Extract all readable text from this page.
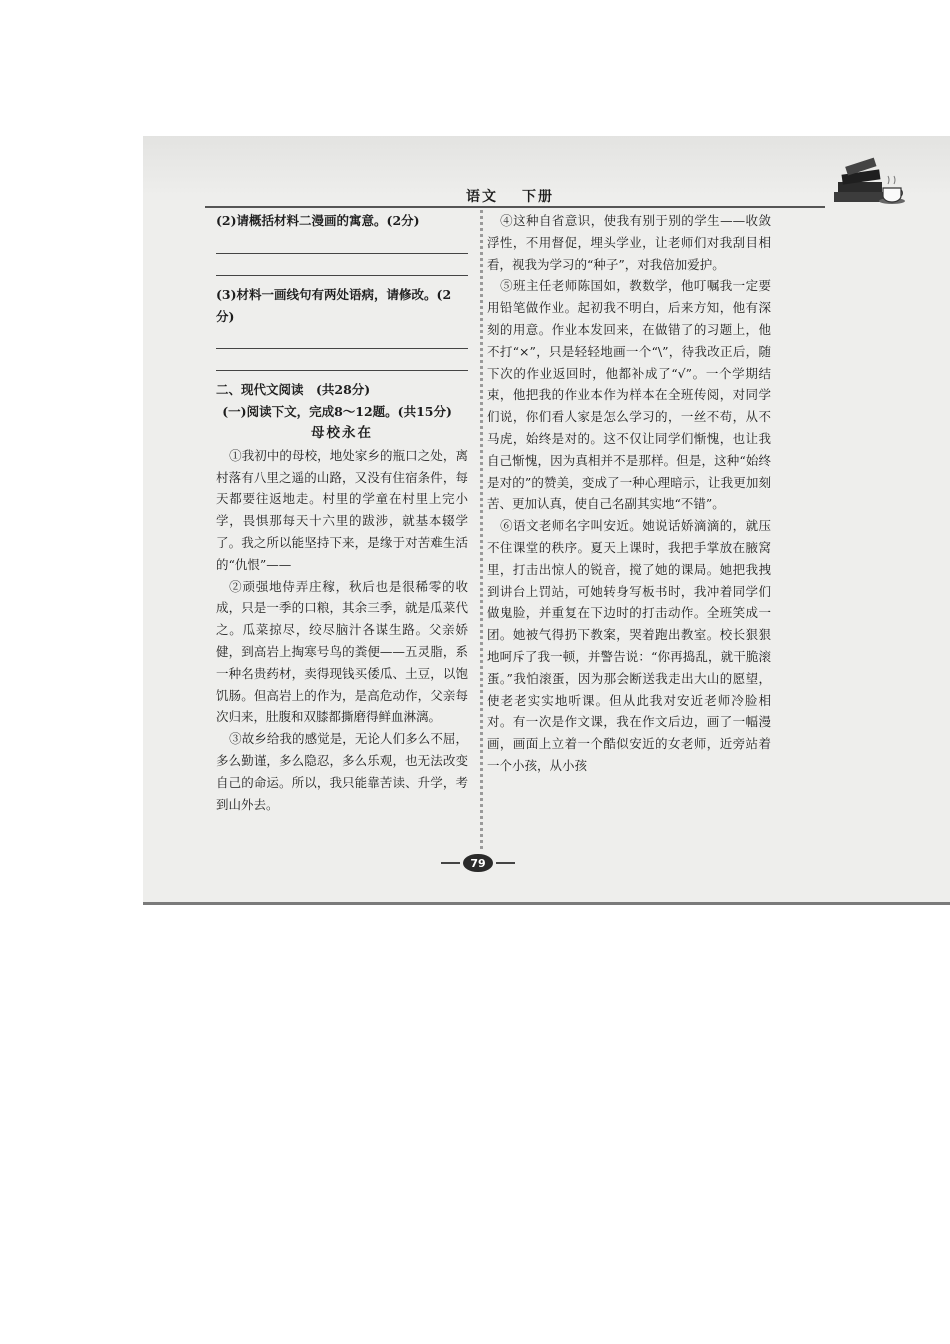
语文 下册
(2)请概括材料二漫画的寓意。(2分)
(3)材料一画线句有两处语病，请修改。(2分)
二、现代文阅读　(共28分)
(一)阅读下文，完成8～12题。(共15分)
母校永在
①我初中的母校，地处家乡的瓶口之处，离村落有八里之遥的山路，又没有住宿条件，每天都要往返地走。村里的学童在村里上完小学，畏惧那每天十六里的跋涉，就基本辍学了。我之所以能坚持下来，是缘于对苦难生活的“仇恨”——
②顽强地侍弄庄稼，秋后也是很稀零的收成，只是一季的口粮，其余三季，就是瓜菜代之。瓜菜掠尽，绞尽脑汁各谋生路。父亲娇健，到高岩上掏寒号鸟的粪便——五灵脂，系一种名贵药材，卖得现钱买倭瓜、土豆，以饱饥肠。但高岩上的作为，是高危动作，父亲每次归来，肚腹和双膝都撕磨得鲜血淋漓。
③故乡给我的感觉是，无论人们多么不屈，多么勤谨，多么隐忍，多么乐观，也无法改变自己的命运。所以，我只能靠苦读、升学，考到山外去。
④这种自省意识，使我有别于别的学生——收敛浮性，不用督促，埋头学业，让老师们对我刮目相看，视我为学习的“种子”，对我倍加爱护。
⑤班主任老师陈国如，教数学，他叮嘱我一定要用铅笔做作业。起初我不明白，后来方知，他有深刻的用意。作业本发回来，在做错了的习题上，他不打“×”，只是轻轻地画一个“\”，待我改正后，随下次的作业返回时，他都补成了“√”。一个学期结束，他把我的作业本作为样本在全班传阅，对同学们说，你们看人家是怎么学习的，一丝不苟，从不马虎，始终是对的。这不仅让同学们惭愧，也让我自己惭愧，因为真相并不是那样。但是，这种“始终是对的”的赞美，变成了一种心理暗示，让我更加刻苦、更加认真，使自己名副其实地“不错”。
⑥语文老师名字叫安近。她说话娇滴滴的，就压不住课堂的秩序。夏天上课时，我把手掌放在腋窝里，打击出惊人的锐音，搅了她的课局。她把我拽到讲台上罚站，可她转身写板书时，我冲着同学们做鬼脸，并重复在下边时的打击动作。全班笑成一团。她被气得扔下教案，哭着跑出教室。校长狠狠地呵斥了我一顿，并警告说：“你再捣乱，就干脆滚蛋。”我怕滚蛋，因为那会断送我走出大山的愿望，使老老实实地听课。但从此我对安近老师冷脸相对。有一次是作文课，我在作文后边，画了一幅漫画，画面上立着一个酷似安近的女老师，近旁站着一个小孩，从小孩
79
